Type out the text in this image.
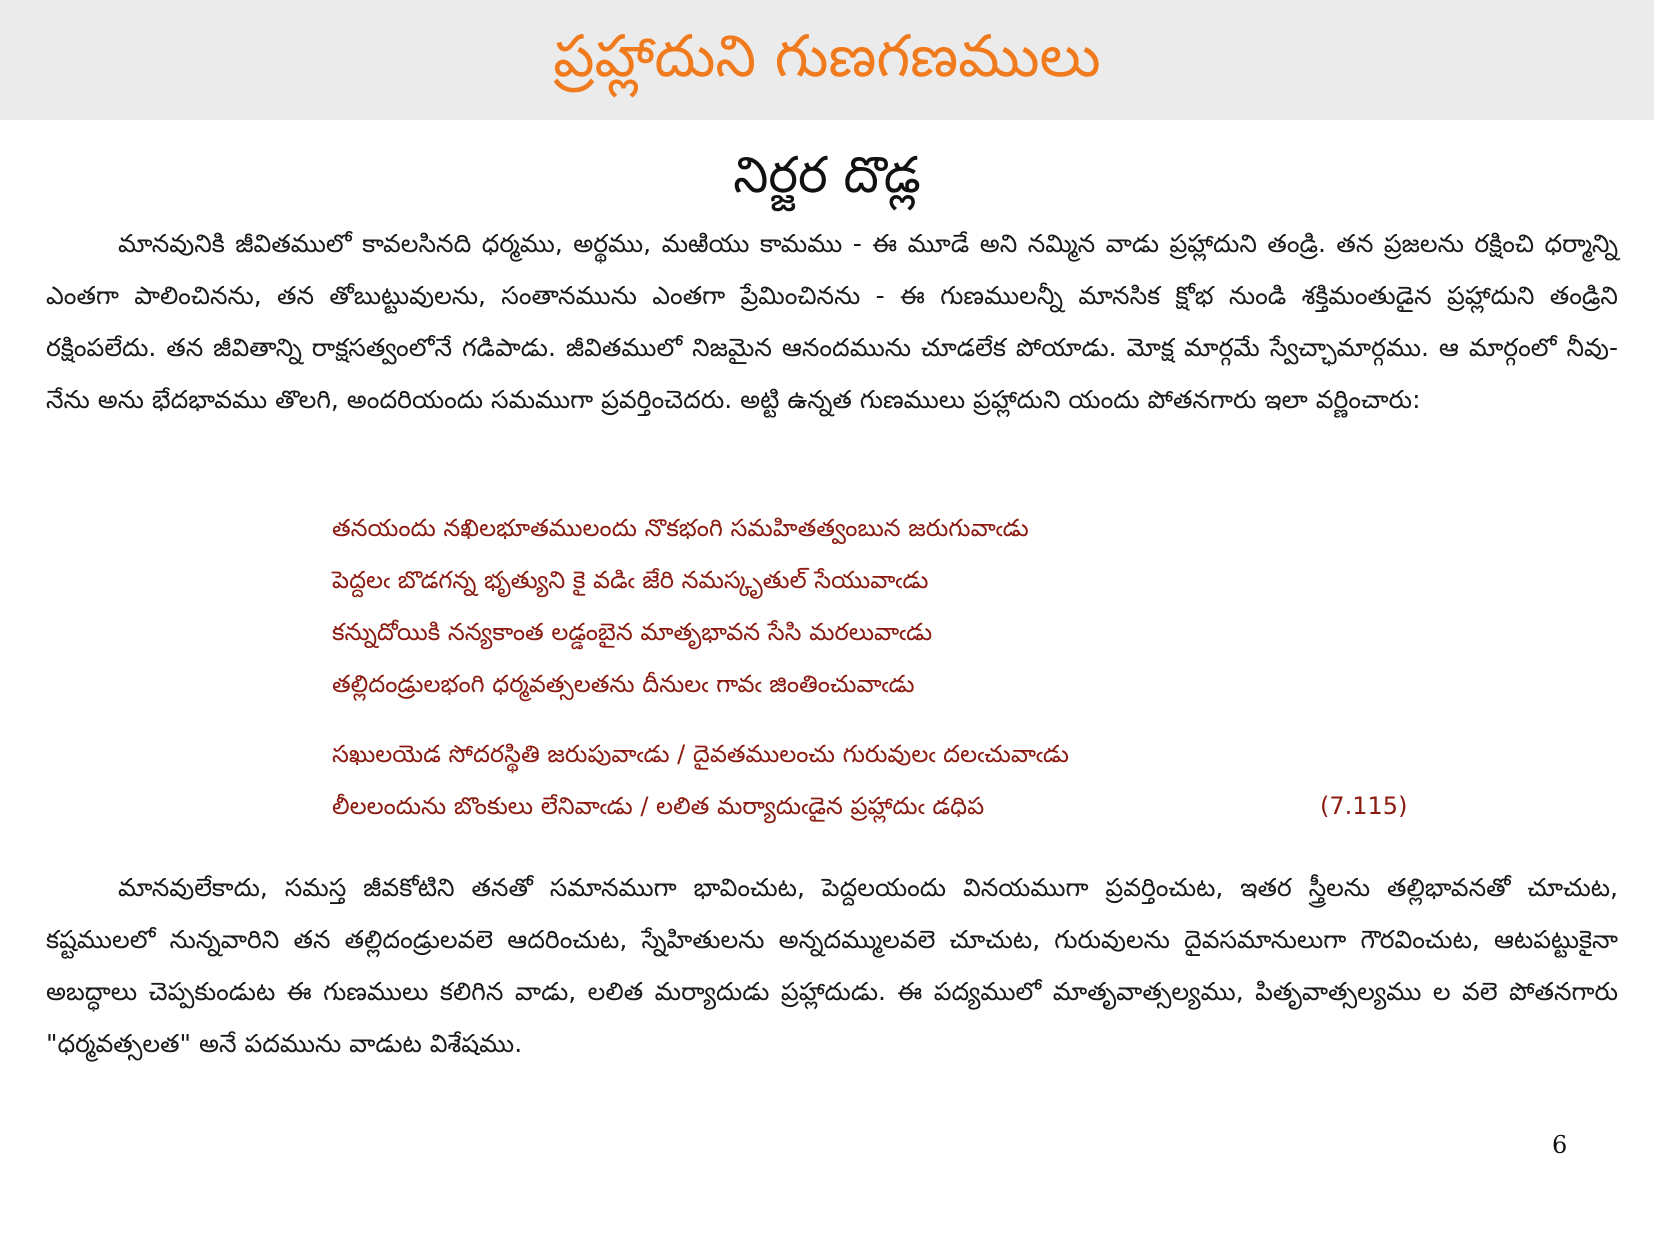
ప్రహ్లాదుని గుణగణములు
నిర్జర దొడ్ల

మానవునికి జీవితములో కావలసినది ధర్మము, అర్థము, మఱియు కామము - ఈ మూడే అని నమ్మిన వాడు ప్రహ్లాదుని తండ్రి. తన ప్రజలను రక్షించి ధర్మాన్ని ఎంతగా పాలించినను, తన తోబుట్టువులను, సంతానమును ఎంతగా ప్రేమించినను - ఈ గుణములన్నీ మానసిక క్షోభ నుండి శక్తిమంతుడైన ప్రహ్లాదుని తండ్రిని రక్షింపలేదు. తన జీవితాన్ని రాక్షసత్వంలోనే గడిపాడు. జీవితములో నిజమైన ఆనందమును చూడలేక పోయాడు. మోక్ష మార్గమే స్వేచ్ఛామార్గము. ఆ మార్గంలో నీవు-నేను అను భేదభావము తొలగి, అందరియందు సమముగా ప్రవర్తించెదరు. అట్టి ఉన్నత గుణములు ప్రహ్లాదుని యందు పోతనగారు ఇలా వర్ణించారు:

తనయందు నఖిలభూతములందు నొకభంగి సమహితత్వంబున జరుగువాఁడు
పెద్దలఁ బొడగన్న భృత్యుని కై వడిఁ జేరి నమస్కృతుల్ సేయువాఁడు
కన్నుదోయికి నన్యకాంత లడ్డంబైన మాతృభావన సేసి మరలువాఁడు
తల్లిదండ్రులభంగి ధర్మవత్సలతను దీనులఁ గావఁ జింతించువాఁడు
సఖులయెడ సోదరస్థితి జరుపువాఁడు / దైవతములంచు గురువులఁ దలఁచువాఁడు
లీలలందును బొంకులు లేనివాఁడు / లలిత మర్యాదుఁడైన ప్రహ్లాదుఁ డధిప	(7.115)

మానవులేకాదు, సమస్త జీవకోటిని తనతో సమానముగా భావించుట, పెద్దలయందు వినయముగా ప్రవర్తించుట, ఇతర స్త్రీలను తల్లిభావనతో చూచుట, కష్టములలో నున్నవారిని తన తల్లిదండ్రులవలె ఆదరించుట, స్నేహితులను అన్నదమ్ములవలె చూచుట, గురువులను దైవసమానులుగా గౌరవించుట, ఆటపట్టుకైనా అబద్ధాలు చెప్పకుండుట ఈ గుణములు కలిగిన వాడు, లలిత మర్యాదుడు ప్రహ్లాదుడు. ఈ పద్యములో మాతృవాత్సల్యము, పితృవాత్సల్యము ల వలె పోతనగారు "ధర్మవత్సలత" అనే పదమును వాడుట విశేషము.

6
